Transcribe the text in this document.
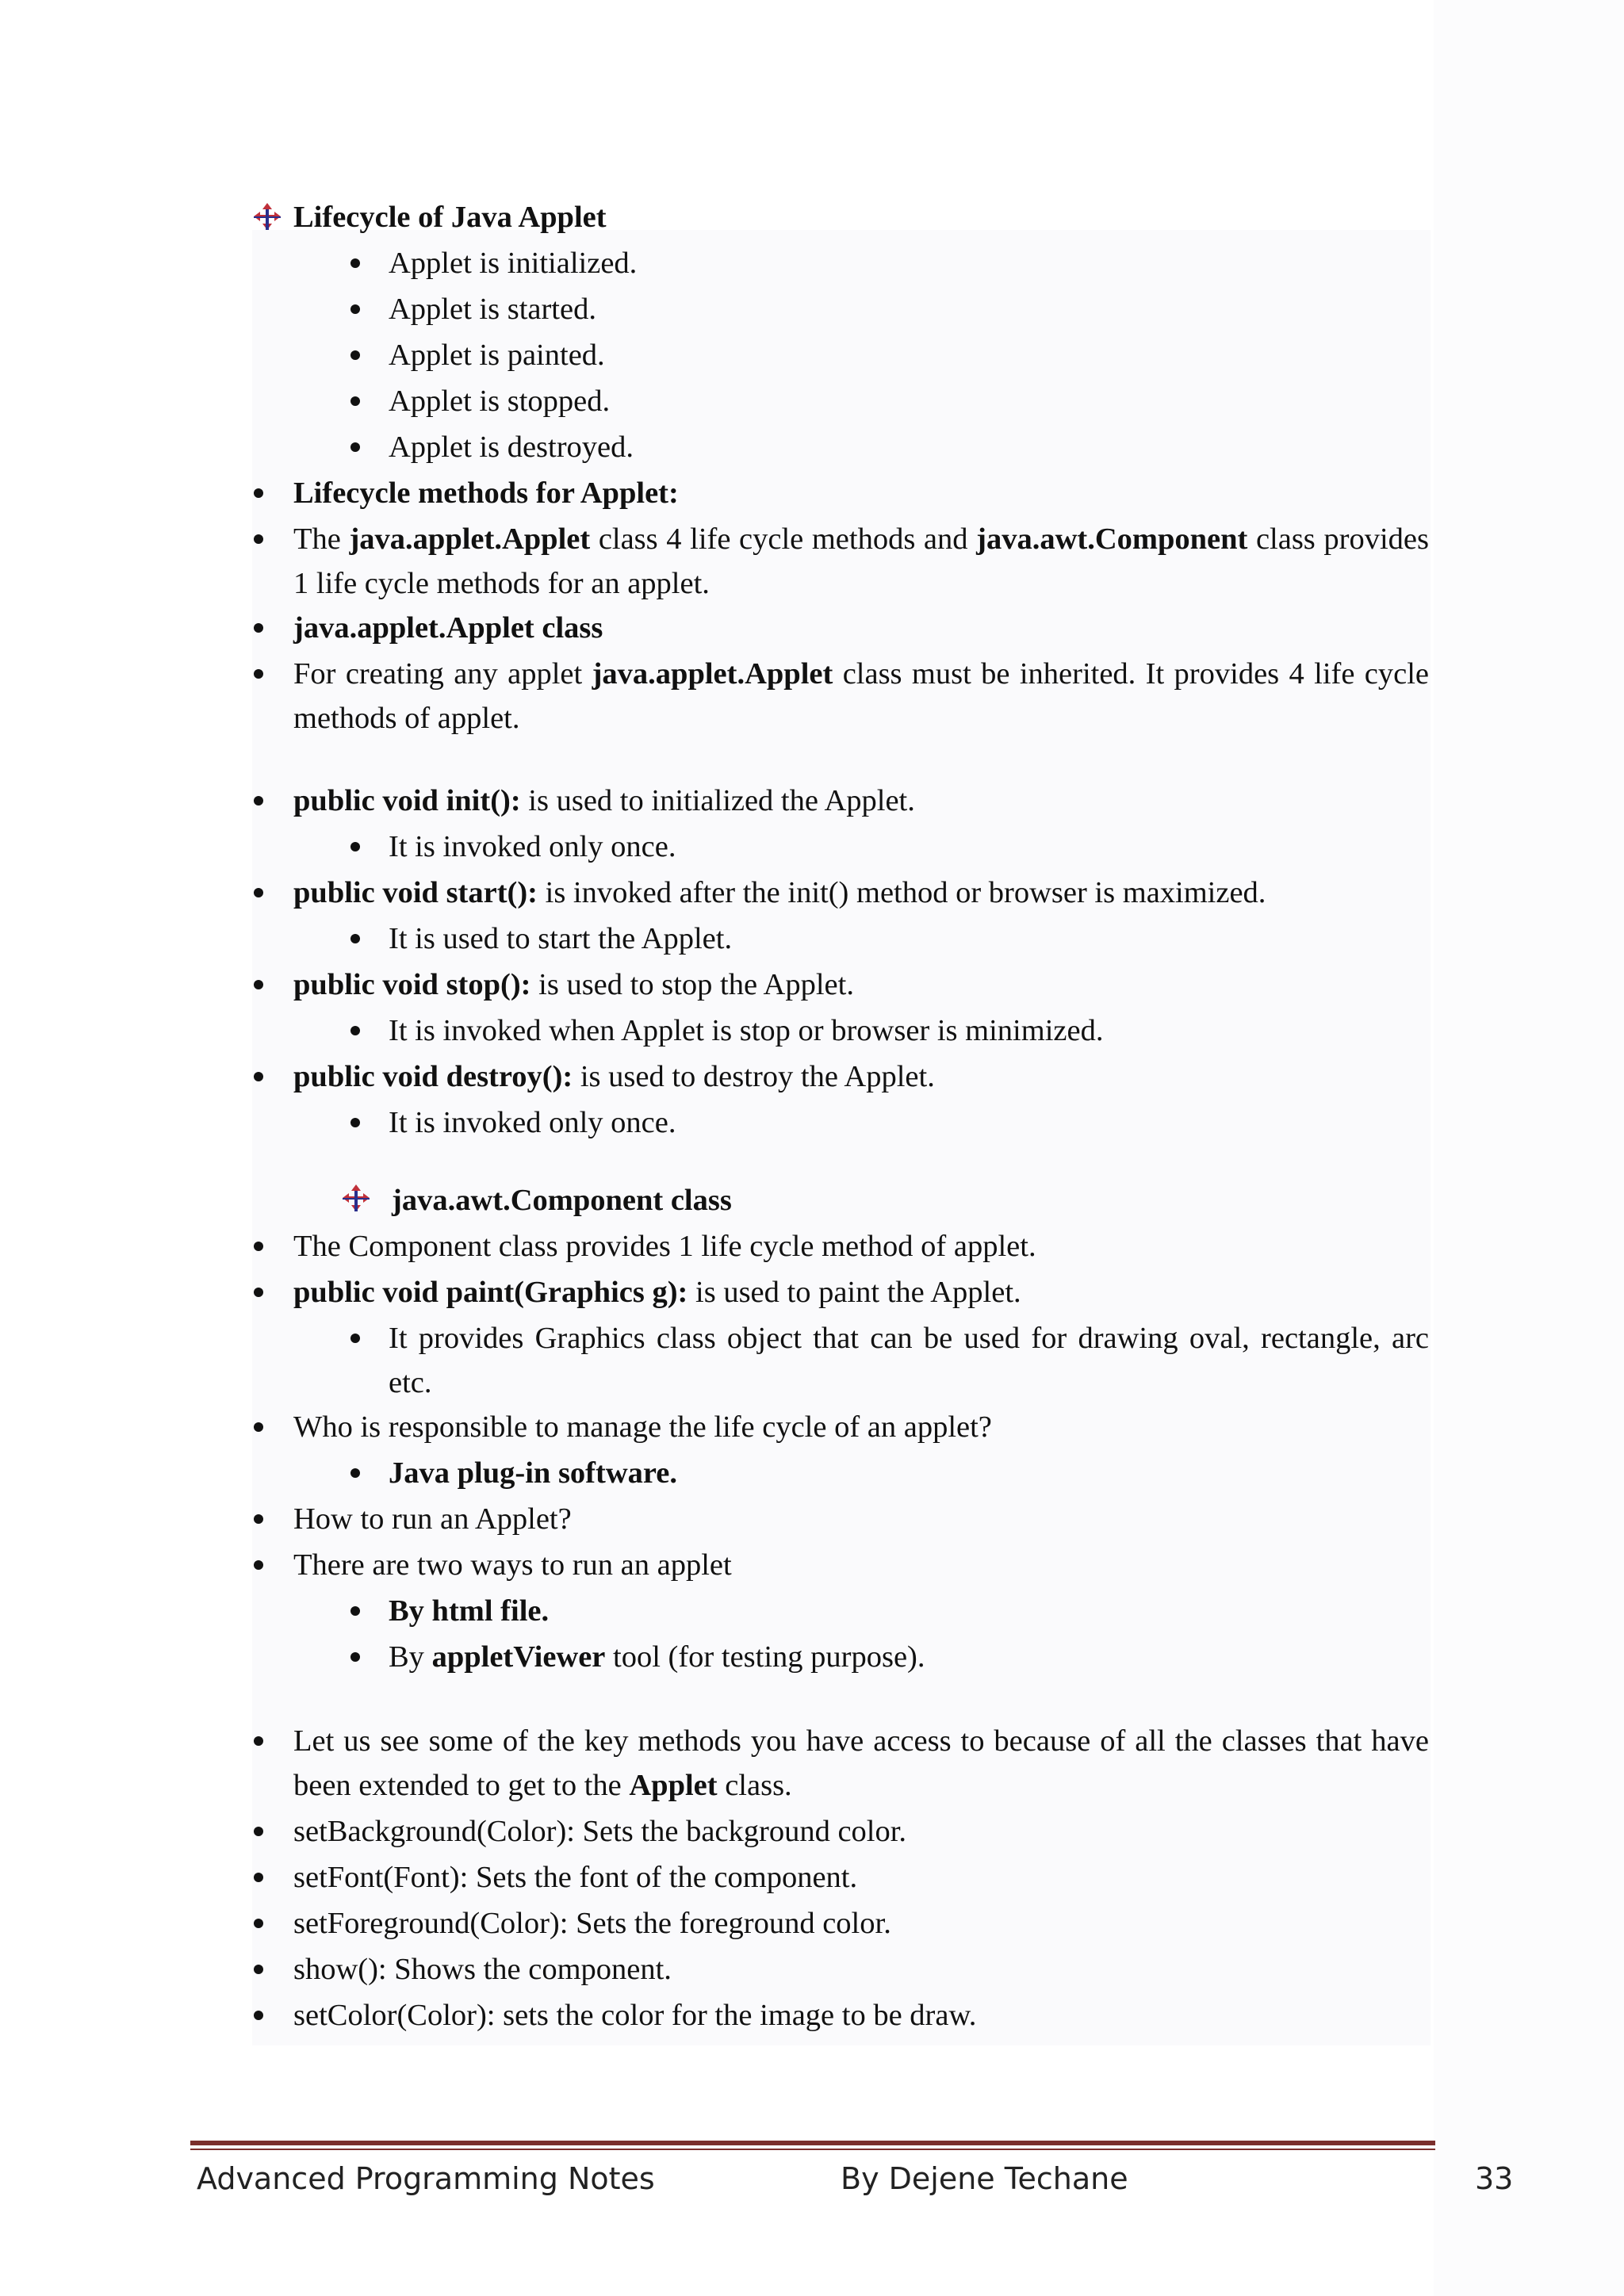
Lifecycle of Java Applet
Applet is initialized.
Applet is started.
Applet is painted.
Applet is stopped.
Applet is destroyed.
Lifecycle methods for Applet:
The java.applet.Applet class 4 life cycle methods and java.awt.Component class provides 1 life cycle methods for an applet.
java.applet.Applet class
For creating any applet java.applet.Applet class must be inherited. It provides 4 life cycle methods of applet.
public void init(): is used to initialized the Applet.
It is invoked only once.
public void start(): is invoked after the init() method or browser is maximized.
It is used to start the Applet.
public void stop(): is used to stop the Applet.
It is invoked when Applet is stop or browser is minimized.
public void destroy(): is used to destroy the Applet.
It is invoked only once.
java.awt.Component class
The Component class provides 1 life cycle method of applet.
public void paint(Graphics g): is used to paint the Applet.
It provides Graphics class object that can be used for drawing oval, rectangle, arc etc.
Who is responsible to manage the life cycle of an applet?
Java plug-in software.
How to run an Applet?
There are two ways to run an applet
By html file.
By appletViewer tool (for testing purpose).
Let us see some of the key methods you have access to because of all the classes that have been extended to get to the Applet class.
setBackground(Color): Sets the background color.
setFont(Font): Sets the font of the component.
setForeground(Color): Sets the foreground color.
show(): Shows the component.
setColor(Color): sets the color for the image to be draw.
Advanced Programming Notes	By Dejene Techane	33
